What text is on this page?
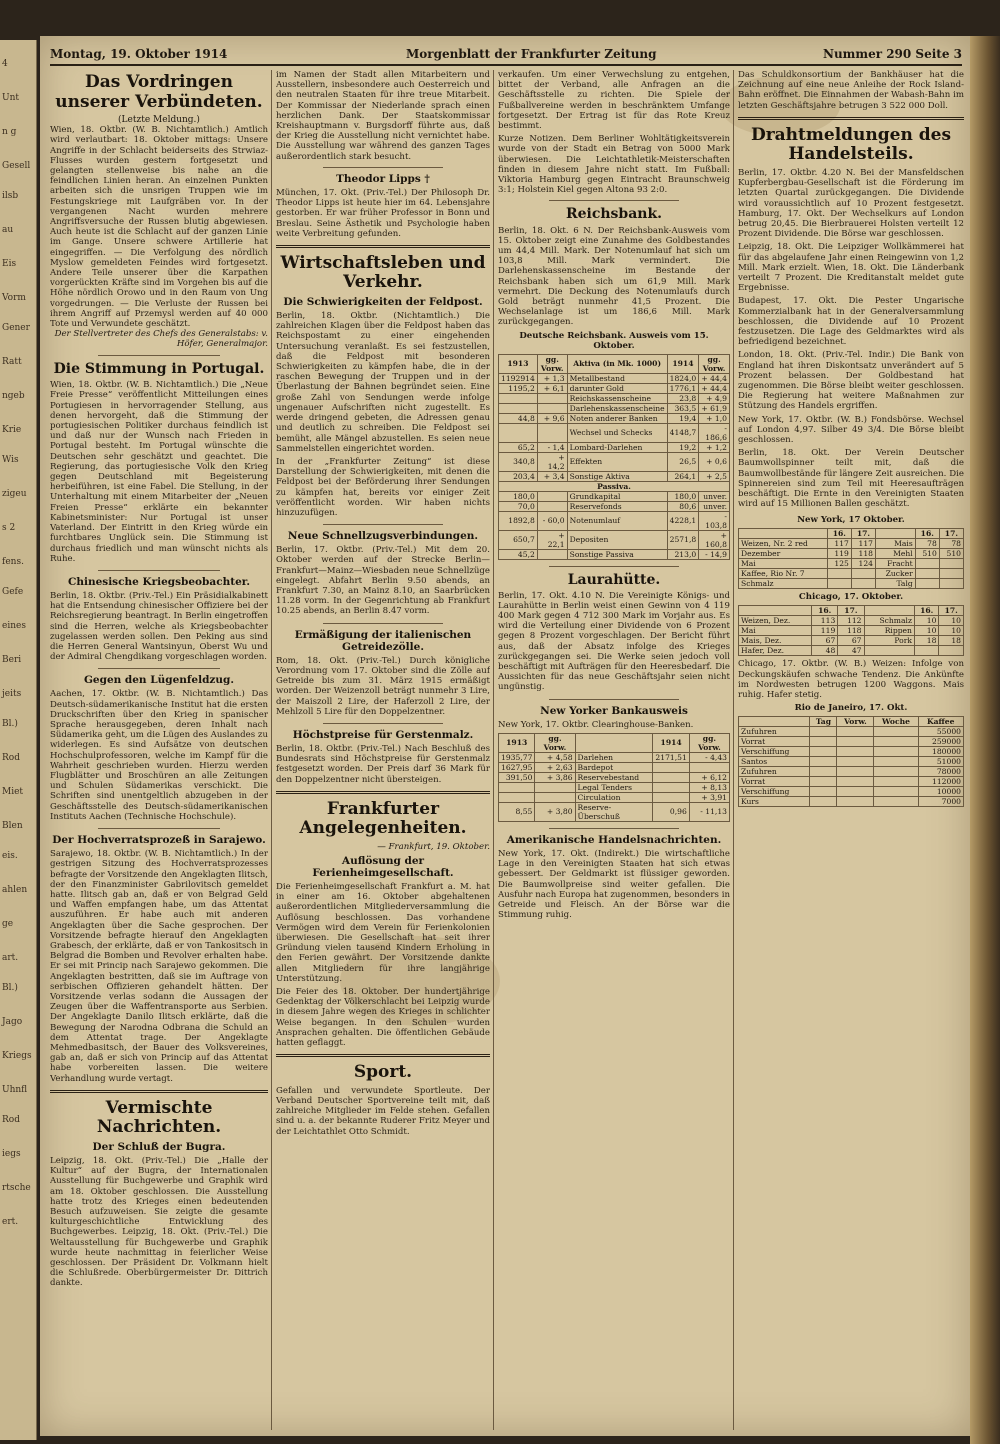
4
Unt
n g
Gesell
ilsb
au
Eis
Vorm
Gener
Ratt
ngeb
Krie
Wis
zigeu
s 2
fens.
Gefe
eines
Beri
jeits
Bl.)
Rod
Miet
Blen
eis.
ahlen
ge
art.
Bl.)
Jago
Kriegs
Uhnfl
Rod
iegs
rtsche
ert.
Montag, 19. Oktober 1914	Morgenblatt der Frankfurter Zeitung	Nummer 290 Seite 3
Das Vordringen unserer Verbündeten.
(Letzte Meldung.)
Wien, 18. Oktbr. (W. B. Nichtamtlich.) Amtlich wird verlautbart: 18. Oktober mittags: Unsere Angriffe in der Schlacht beiderseits des Strwiaz-Flusses wurden gestern fortgesetzt und gelangten stellenweise bis nahe an die feindlichen Linien heran. An einzelnen Punkten arbeiten sich die unsrigen Truppen wie im Festungskriege mit Laufgräben vor. In der vergangenen Nacht wurden mehrere Angriffsversuche der Russen blutig abgewiesen. Auch heute ist die Schlacht auf der ganzen Linie im Gange. Unsere schwere Artillerie hat eingegriffen. — Die Verfolgung des nördlich Myslow gemeldeten Feindes wird fortgesetzt. Andere Teile unserer über die Karpathen vorgerückten Kräfte sind im Vorgehen bis auf die Höhe nördlich Orowo und in den Raum von Ung vorgedrungen. — Die Verluste der Russen bei ihrem Angriff auf Przemysl werden auf 40 000 Tote und Verwundete geschätzt.
Der Stellvertreter des Chefs des Generalstabs: v. Höfer, Generalmajor.
Die Stimmung in Portugal.
Wien, 18. Oktbr. (W. B. Nichtamtlich.) Die „Neue Freie Presse“ veröffentlicht Mitteilungen eines Portugiesen in hervorragender Stellung, aus denen hervorgeht, daß die Stimmung der portugiesischen Politiker durchaus feindlich ist und daß nur der Wunsch nach Frieden in Portugal besteht. Im Portugal wünschte die Deutschen sehr geschätzt und geachtet. Die Regierung, das portugiesische Volk den Krieg gegen Deutschland mit Begeisterung herbeiführen, ist eine Fabel. Die Stellung, in der Unterhaltung mit einem Mitarbeiter der „Neuen Freien Presse“ erklärte ein bekannter Kabinetsminister: Nur Portugal ist unser Vaterland. Der Eintritt in den Krieg würde ein furchtbares Unglück sein. Die Stimmung ist durchaus friedlich und man wünscht nichts als Ruhe.
Chinesische Kriegsbeobachter.
Berlin, 18. Oktbr. (Priv.-Tel.) Ein Präsidialkabinett hat die Entsendung chinesischer Offiziere bei der Reichsregierung beantragt. In Berlin eingetroffen sind die Herren, welche als Kriegsbeobachter zugelassen werden sollen. Den Peking aus sind die Herren General Wantsinyun, Oberst Wu und der Admiral Chengdikang vorgeschlagen worden.
Gegen den Lügenfeldzug.
Aachen, 17. Oktbr. (W. B. Nichtamtlich.) Das Deutsch-südamerikanische Institut hat die ersten Druckschriften über den Krieg in spanischer Sprache herausgegeben, deren Inhalt nach Südamerika geht, um die Lügen des Auslandes zu widerlegen. Es sind Aufsätze von deutschen Hochschulprofessoren, welche im Kampf für die Wahrheit geschrieben wurden. Hierzu werden Flugblätter und Broschüren an alle Zeitungen und Schulen Südamerikas verschickt. Die Schriften sind unentgeltlich abzugeben in der Geschäftsstelle des Deutsch-südamerikanischen Instituts Aachen (Technische Hochschule).
Der Hochverratsprozeß in Sarajewo.
Sarajewo, 18. Oktbr. (W. B. Nichtamtlich.) In der gestrigen Sitzung des Hochverratsprozesses befragte der Vorsitzende den Angeklagten Ilitsch, der den Finanzminister Gabrilovitsch gemeldet hatte. Ilitsch gab an, daß er von Belgrad Geld und Waffen empfangen habe, um das Attentat auszuführen. Er habe auch mit anderen Angeklagten über die Sache gesprochen. Der Vorsitzende befragte hierauf den Angeklagten Grabesch, der erklärte, daß er von Tankositsch in Belgrad die Bomben und Revolver erhalten habe. Er sei mit Princip nach Sarajewo gekommen. Die Angeklagten bestritten, daß sie im Auftrage von serbischen Offizieren gehandelt hätten. Der Vorsitzende verlas sodann die Aussagen der Zeugen über die Waffentransporte aus Serbien. Der Angeklagte Danilo Ilitsch erklärte, daß die Bewegung der Narodna Odbrana die Schuld an dem Attentat trage. Der Angeklagte Mehmedbasitsch, der Bauer des Volksvereines, gab an, daß er sich von Princip auf das Attentat habe vorbereiten lassen. Die weitere Verhandlung wurde vertagt.
Vermischte Nachrichten.
Der Schluß der Bugra.
Leipzig, 18. Okt. (Priv.-Tel.) Die „Halle der Kultur“ auf der Bugra, der Internationalen Ausstellung für Buchgewerbe und Graphik wird am 18. Oktober geschlossen. Die Ausstellung hatte trotz des Krieges einen bedeutenden Besuch aufzuweisen. Sie zeigte die gesamte kulturgeschichtliche Entwicklung des Buchgewerbes. Leipzig, 18. Okt. (Priv.-Tel.) Die Weltausstellung für Buchgewerbe und Graphik wurde heute nachmittag in feierlicher Weise geschlossen. Der Präsident Dr. Volkmann hielt die Schlußrede. Oberbürgermeister Dr. Dittrich dankte.
im Namen der Stadt allen Mitarbeitern und Ausstellern, insbesondere auch Oesterreich und den neutralen Staaten für ihre treue Mitarbeit. Der Kommissar der Niederlande sprach einen herzlichen Dank. Der Staatskommissar Kreishauptmann v. Burgsdorff führte aus, daß der Krieg die Ausstellung nicht vernichtet habe. Die Ausstellung war während des ganzen Tages außerordentlich stark besucht.
Theodor Lipps †
München, 17. Okt. (Priv.-Tel.) Der Philosoph Dr. Theodor Lipps ist heute hier im 64. Lebensjahre gestorben. Er war früher Professor in Bonn und Breslau. Seine Ästhetik und Psychologie haben weite Verbreitung gefunden.
Wirtschaftsleben und Verkehr.
Die Schwierigkeiten der Feldpost.
Berlin, 18. Oktbr. (Nichtamtlich.) Die zahlreichen Klagen über die Feldpost haben das Reichspostamt zu einer eingehenden Untersuchung veranlaßt. Es sei festzustellen, daß die Feldpost mit besonderen Schwierigkeiten zu kämpfen habe, die in der raschen Bewegung der Truppen und in der Überlastung der Bahnen begründet seien. Eine große Zahl von Sendungen werde infolge ungenauer Aufschriften nicht zugestellt. Es werde dringend gebeten, die Adressen genau und deutlich zu schreiben. Die Feldpost sei bemüht, alle Mängel abzustellen. Es seien neue Sammelstellen eingerichtet worden.
In der „Frankfurter Zeitung“ ist diese Darstellung der Schwierigkeiten, mit denen die Feldpost bei der Beförderung ihrer Sendungen zu kämpfen hat, bereits vor einiger Zeit veröffentlicht worden. Wir haben nichts hinzuzufügen.
Neue Schnellzugsverbindungen.
Berlin, 17. Oktbr. (Priv.-Tel.) Mit dem 20. Oktober werden auf der Strecke Berlin—Frankfurt—Mainz—Wiesbaden neue Schnellzüge eingelegt. Abfahrt Berlin 9.50 abends, an Frankfurt 7.30, an Mainz 8.10, an Saarbrücken 11.28 vorm. In der Gegenrichtung ab Frankfurt 10.25 abends, an Berlin 8.47 vorm.
Ermäßigung der italienischen Getreidezölle.
Rom, 18. Okt. (Priv.-Tel.) Durch königliche Verordnung vom 17. Oktober sind die Zölle auf Getreide bis zum 31. März 1915 ermäßigt worden. Der Weizenzoll beträgt nunmehr 3 Lire, der Maiszoll 2 Lire, der Haferzoll 2 Lire, der Mehlzoll 5 Lire für den Doppelzentner.
Höchstpreise für Gerstenmalz.
Berlin, 18. Oktbr. (Priv.-Tel.) Nach Beschluß des Bundesrats sind Höchstpreise für Gerstenmalz festgesetzt worden. Der Preis darf 36 Mark für den Doppelzentner nicht übersteigen.
Frankfurter Angelegenheiten.
— Frankfurt, 19. Oktober.
Auflösung der Ferienheimgesellschaft.
Die Ferienheimgesellschaft Frankfurt a. M. hat in einer am 16. Oktober abgehaltenen außerordentlichen Mitgliederversammlung die Auflösung beschlossen. Das vorhandene Vermögen wird dem Verein für Ferienkolonien überwiesen. Die Gesellschaft hat seit ihrer Gründung vielen tausend Kindern Erholung in den Ferien gewährt. Der Vorsitzende dankte allen Mitgliedern für ihre langjährige Unterstützung.
Die Feier des 18. Oktober. Der hundertjährige Gedenktag der Völkerschlacht bei Leipzig wurde in diesem Jahre wegen des Krieges in schlichter Weise begangen. In den Schulen wurden Ansprachen gehalten. Die öffentlichen Gebäude hatten geflaggt.
Sport.
Gefallen und verwundete Sportleute. Der Verband Deutscher Sportvereine teilt mit, daß zahlreiche Mitglieder im Felde stehen. Gefallen sind u. a. der bekannte Ruderer Fritz Meyer und der Leichtathlet Otto Schmidt.
verkaufen. Um einer Verwechslung zu entgehen, bittet der Verband, alle Anfragen an die Geschäftsstelle zu richten. Die Spiele der Fußballvereine werden in beschränktem Umfange fortgesetzt. Der Ertrag ist für das Rote Kreuz bestimmt.
Kurze Notizen. Dem Berliner Wohltätigkeitsverein wurde von der Stadt ein Betrag von 5000 Mark überwiesen. Die Leichtathletik-Meisterschaften finden in diesem Jahre nicht statt. Im Fußball: Viktoria Hamburg gegen Eintracht Braunschweig 3:1; Holstein Kiel gegen Altona 93 2:0.
Reichsbank.
Berlin, 18. Okt. 6 N. Der Reichsbank-Ausweis vom 15. Oktober zeigt eine Zunahme des Goldbestandes um 44,4 Mill. Mark. Der Notenumlauf hat sich um 103,8 Mill. Mark vermindert. Die Darlehenskassenscheine im Bestande der Reichsbank haben sich um 61,9 Mill. Mark vermehrt. Die Deckung des Notenumlaufs durch Gold beträgt nunmehr 41,5 Prozent. Die Wechselanlage ist um 186,6 Mill. Mark zurückgegangen.
Deutsche Reichsbank. Ausweis vom 15. Oktober.
1913	gg. Vorw.	Aktiva (in Mk. 1000)	1914	gg. Vorw.
1192914	+ 1,3	Metallbestand	1824,0	+ 44,4
1195,2	+ 6,1	darunter Gold	1776,1	+ 44,4
		Reichskassenscheine	23,8	+ 4,9
		Darlehenskassenscheine	363,5	+ 61,9
44,8	+ 9,6	Noten anderer Banken	19,4	+ 1,0
		Wechsel und Schecks	4148,7	- 186,6
65,2	- 1,4	Lombard-Darlehen	19,2	+ 1,2
340,8	+ 14,2	Effekten	26,5	+ 0,6
203,4	+ 3,4	Sonstige Aktiva	264,1	+ 2,5
Passiva.				
180,0		Grundkapital	180,0	unver.
70,0		Reservefonds	80,6	unver.
1892,8	- 60,0	Notenumlauf	4228,1	- 103,8
650,7	+ 22,1	Depositen	2571,8	+ 160,8
45,2		Sonstige Passiva	213,0	- 14,9
Laurahütte.
Berlin, 17. Okt. 4.10 N. Die Vereinigte Königs- und Laurahütte in Berlin weist einen Gewinn von 4 119 400 Mark gegen 4 712 300 Mark im Vorjahr aus. Es wird die Verteilung einer Dividende von 6 Prozent gegen 8 Prozent vorgeschlagen. Der Bericht führt aus, daß der Absatz infolge des Krieges zurückgegangen sei. Die Werke seien jedoch voll beschäftigt mit Aufträgen für den Heeresbedarf. Die Aussichten für das neue Geschäftsjahr seien nicht ungünstig.
New Yorker Bankausweis
New York, 17. Oktbr. Clearinghouse-Banken.
1913	gg. Vorw.		1914	gg. Vorw.
1935,77	+ 4,58	Darlehen	2171,51	- 4,43
1627,95	+ 2,63	Bardepot		
391,50	+ 3,86	Reservebestand		+ 6,12
		Legal Tenders		+ 8,13
		Circulation		+ 3,91
8,55	+ 3,80	Reserve-Überschuß	0,96	- 11,13
Amerikanische Handelsnachrichten.
New York, 17. Okt. (Indirekt.) Die wirtschaftliche Lage in den Vereinigten Staaten hat sich etwas gebessert. Der Geldmarkt ist flüssiger geworden. Die Baumwollpreise sind weiter gefallen. Die Ausfuhr nach Europa hat zugenommen, besonders in Getreide und Fleisch. An der Börse war die Stimmung ruhig.
Das Schuldkonsortium der Bankhäuser hat die Zeichnung auf eine neue Anleihe der Rock Island-Bahn eröffnet. Die Einnahmen der Wabash-Bahn im letzten Geschäftsjahre betrugen 3 522 000 Doll.
Drahtmeldungen des Handelsteils.
Berlin, 17. Oktbr. 4.20 N. Bei der Mansfeldschen Kupferbergbau-Gesellschaft ist die Förderung im letzten Quartal zurückgegangen. Die Dividende wird voraussichtlich auf 10 Prozent festgesetzt. Hamburg, 17. Okt. Der Wechselkurs auf London betrug 20,45. Die Bierbrauerei Holsten verteilt 12 Prozent Dividende. Die Börse war geschlossen.
Leipzig, 18. Okt. Die Leipziger Wollkämmerei hat für das abgelaufene Jahr einen Reingewinn von 1,2 Mill. Mark erzielt. Wien, 18. Okt. Die Länderbank verteilt 7 Prozent. Die Kreditanstalt meldet gute Ergebnisse.
Budapest, 17. Okt. Die Pester Ungarische Kommerzialbank hat in der Generalversammlung beschlossen, die Dividende auf 10 Prozent festzusetzen. Die Lage des Geldmarktes wird als befriedigend bezeichnet.
London, 18. Okt. (Priv.-Tel. Indir.) Die Bank von England hat ihren Diskontsatz unverändert auf 5 Prozent belassen. Der Goldbestand hat zugenommen. Die Börse bleibt weiter geschlossen. Die Regierung hat weitere Maßnahmen zur Stützung des Handels ergriffen.
New York, 17. Oktbr. (W. B.) Fondsbörse. Wechsel auf London 4,97. Silber 49 3/4. Die Börse bleibt geschlossen.
Berlin, 18. Okt. Der Verein Deutscher Baumwollspinner teilt mit, daß die Baumwollbestände für längere Zeit ausreichen. Die Spinnereien sind zum Teil mit Heeresaufträgen beschäftigt. Die Ernte in den Vereinigten Staaten wird auf 15 Millionen Ballen geschätzt.
New York, 17 Oktober.
	16.	17.		16.	17.
Weizen, Nr. 2 red	117	117	Mais	78	78
Dezember	119	118	Mehl	510	510
Mai	125	124	Fracht		
Kaffee, Rio Nr. 7			Zucker		
Schmalz			Talg		
Chicago, 17. Oktober.
	16.	17.		16.	17.
Weizen, Dez.	113	112	Schmalz	10	10
Mai	119	118	Rippen	10	10
Mais, Dez.	67	67	Pork	18	18
Hafer, Dez.	48	47			
Chicago, 17. Oktbr. (W. B.) Weizen: Infolge von Deckungskäufen schwache Tendenz. Die Ankünfte im Nordwesten betrugen 1200 Waggons. Mais ruhig. Hafer stetig.
Rio de Janeiro, 17. Okt.
	Tag	Vorw.	Woche	Kaffee
Zufuhren				55000
Vorrat				259000
Verschiffung				180000
Santos				51000
Zufuhren				78000
Vorrat				112000
Verschiffung				10000
Kurs				7000
